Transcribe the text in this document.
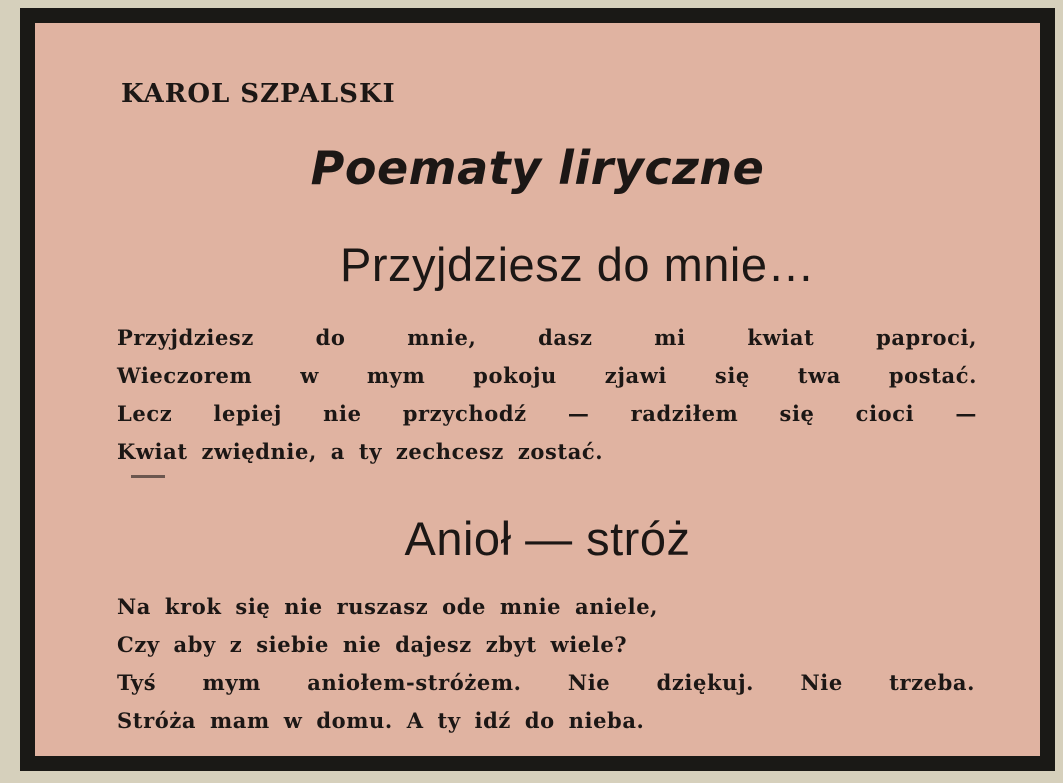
KAROL SZPALSKI
Poematy liryczne
Przyjdziesz do mnie…
Przyjdziesz do mnie, dasz mi kwiat paproci,
Wieczorem w mym pokoju zjawi się twa postać.
Lecz lepiej nie przychodź — radziłem się cioci —
Kwiat zwiędnie, a ty zechcesz zostać.
Anioł — stróż
Na krok się nie ruszasz ode mnie aniele,
Czy aby z siebie nie dajesz zbyt wiele?
Tyś mym aniołem-stróżem. Nie dziękuj. Nie trzeba.
Stróża mam w domu. A ty idź do nieba.
